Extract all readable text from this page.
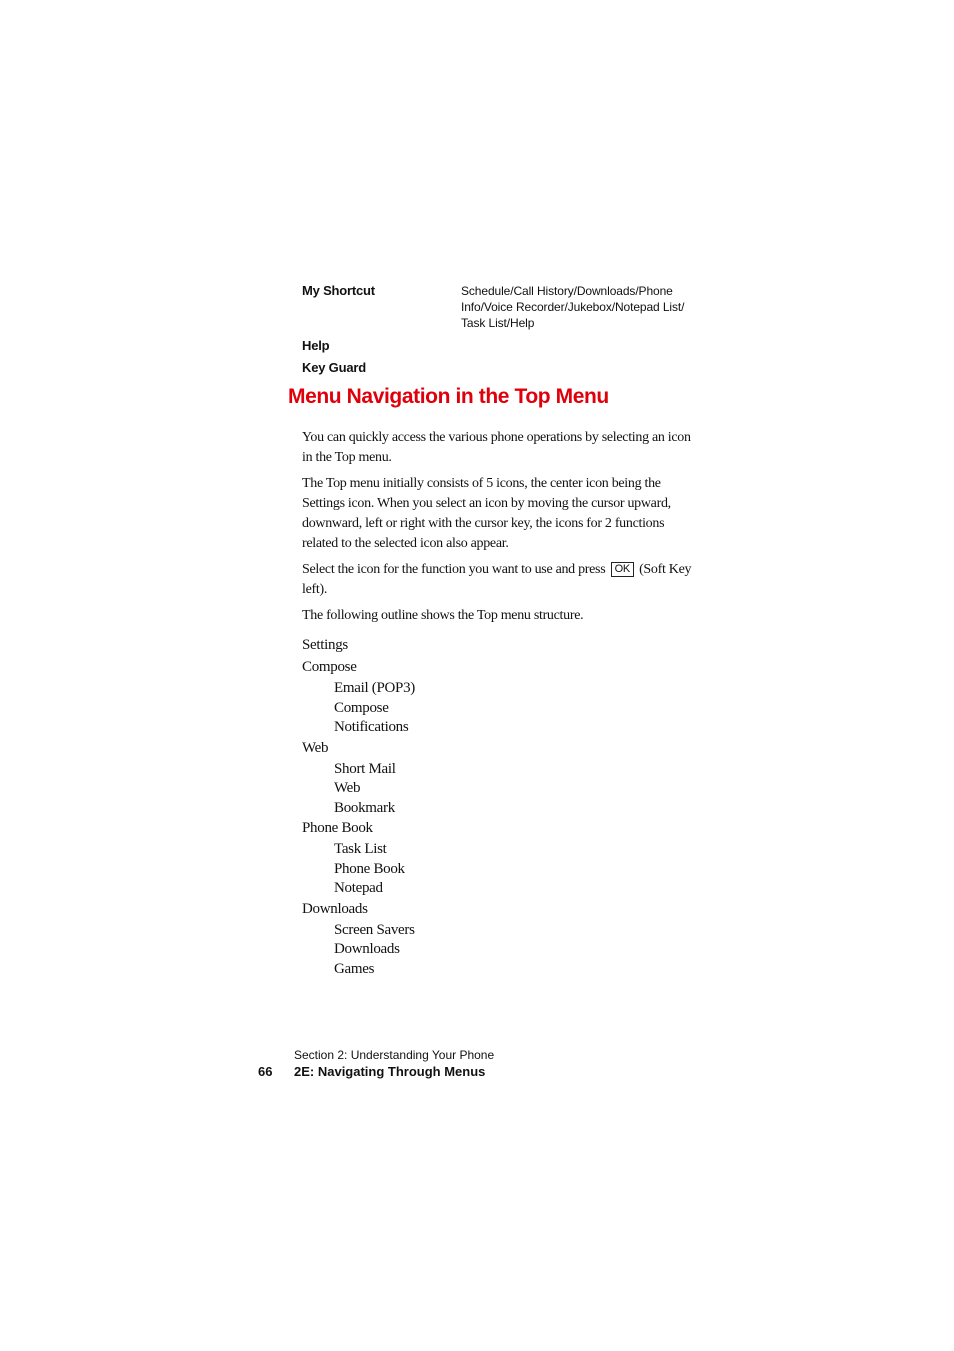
My Shortcut	Schedule/Call History/Downloads/Phone
Info/Voice Recorder/Jukebox/Notepad List/
Task List/Help
Help
Key Guard
Menu Navigation in the Top Menu

You can quickly access the various phone operations by selecting an icon in the Top menu.

The Top menu initially consists of 5 icons, the center icon being the Settings icon. When you select an icon by moving the cursor upward, downward, left or right with the cursor key, the icons for 2 functions related to the selected icon also appear.

Select the icon for the function you want to use and press OK (Soft Key left).

The following outline shows the Top menu structure.

Settings
Compose
Email (POP3)
Compose
Notifications
Web
Short Mail
Web
Bookmark
Phone Book
Task List
Phone Book
Notepad
Downloads
Screen Savers
Downloads
Games
Section 2: Understanding Your Phone
66	2E: Navigating Through Menus
